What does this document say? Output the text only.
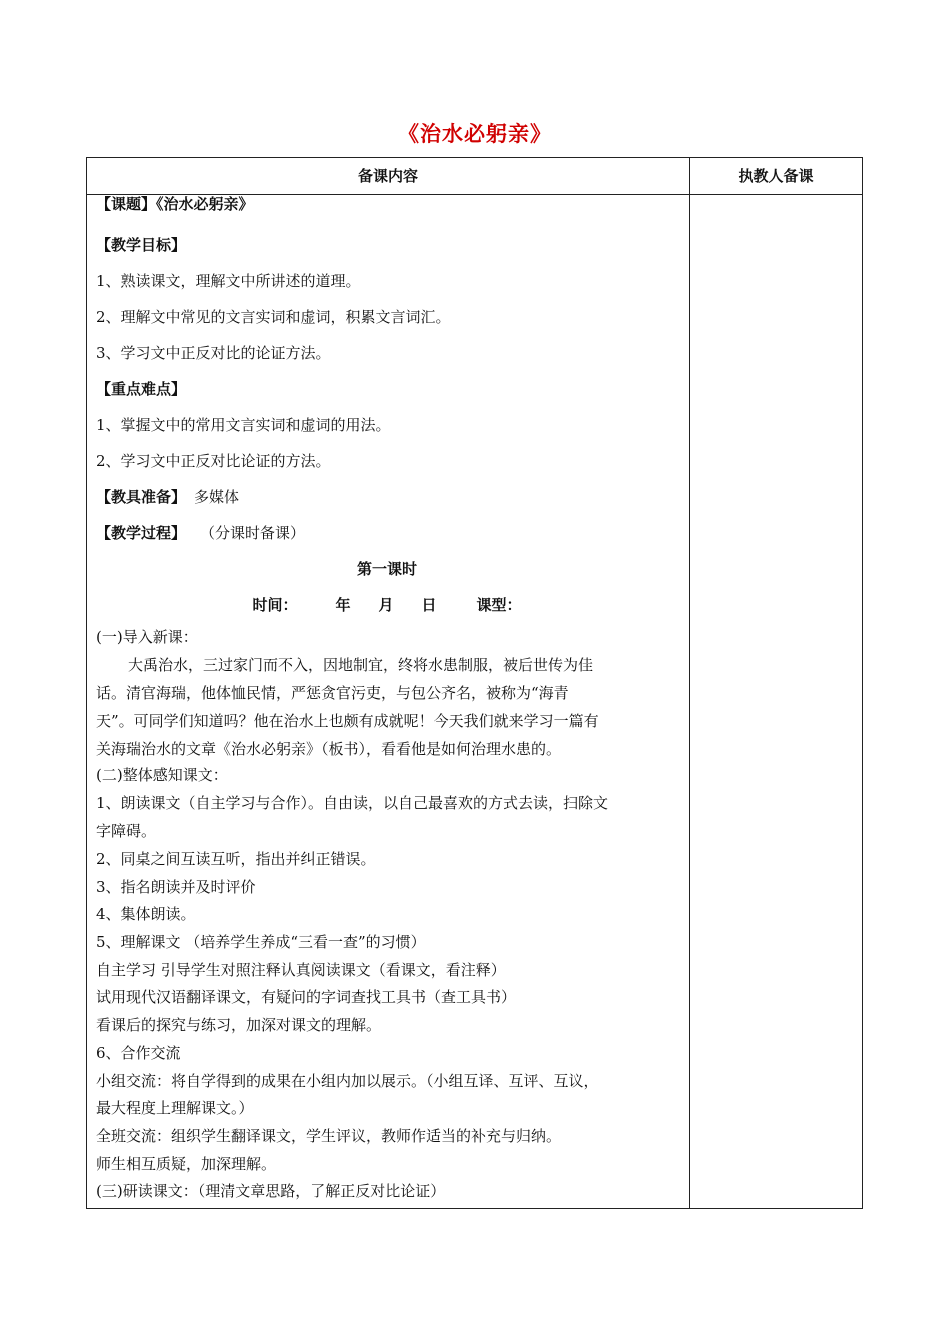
《治水必躬亲》
备课内容	执教人备课
【课题】《治水必躬亲》
【教学目标】
1、熟读课文，理解文中所讲述的道理。
2、理解文中常见的文言实词和虚词，积累文言词汇。
3、学习文中正反对比的论证方法。
【重点难点】
1、掌握文中的常用文言实词和虚词的用法。
2、学习文中正反对比论证的方法。
【教具准备】 多媒体
【教学过程】 （分课时备课）
第一课时
时间：	年 月 日	课型：
(一)导入新课：
大禹治水，三过家门而不入，因地制宜，终将水患制服，被后世传为佳
话。清官海瑞，他体恤民情，严惩贪官污吏，与包公齐名，被称为“海青
天”。可同学们知道吗？他在治水上也颇有成就呢！今天我们就来学习一篇有
关海瑞治水的文章《治水必躬亲》（板书），看看他是如何治理水患的。
(二)整体感知课文：
1、朗读课文（自主学习与合作）。自由读，以自己最喜欢的方式去读，扫除文
字障碍。
2、同桌之间互读互听，指出并纠正错误。
3、指名朗读并及时评价
4、集体朗读。
5、理解课文 （培养学生养成“三看一查”的习惯）
自主学习 引导学生对照注释认真阅读课文（看课文，看注释）
试用现代汉语翻译课文，有疑问的字词查找工具书（查工具书）
看课后的探究与练习，加深对课文的理解。
6、合作交流
小组交流：将自学得到的成果在小组内加以展示。（小组互译、互评、互议，
最大程度上理解课文。）
全班交流：组织学生翻译课文，学生评议，教师作适当的补充与归纳。
师生相互质疑，加深理解。
(三)研读课文：（理清文章思路，了解正反对比论证）
